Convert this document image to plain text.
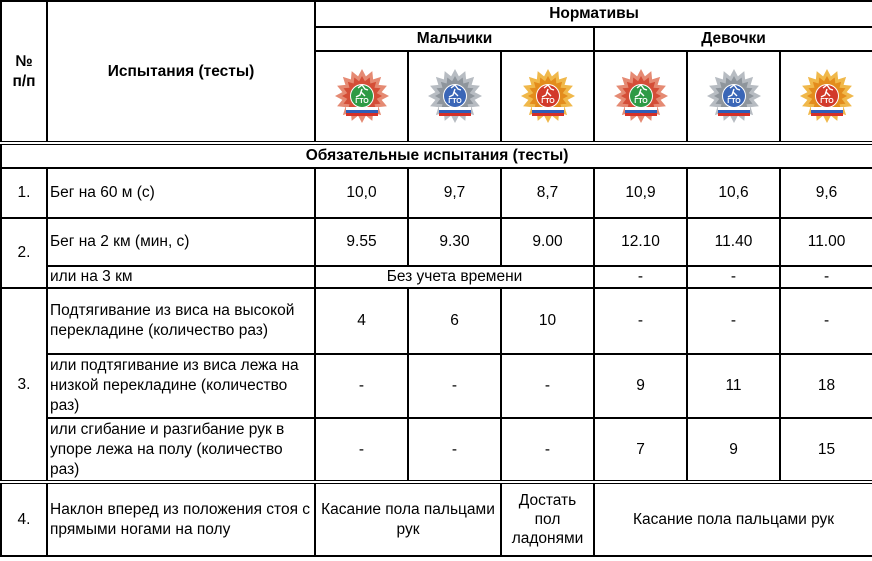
№
п/п	Испытания (тесты)	Нормативы					
		Мальчики			Девочки		

ГТО	ГТО	ГТО	ГТО	ГТО	ГТО

Обязательные испытания (тесты)							
1.	Бег на 60 м (с)	10,0	9,7	8,7	10,9	10,6	9,6
2.	Бег на 2 км (мин, с)	9.55	9.30	9.00	12.10	11.40	11.00
	или на 3 км	Без учета времени			-	-	-
3.	Подтягивание из виса на высокой перекладине (количество раз)	4	6	10	-	-	-
	или подтягивание из виса лежа на низкой перекладине (количество раз)	-	-	-	9	11	18
	или сгибание и разгибание рук в упоре лежа на полу (количество раз)	-	-	-	7	9	15
4.	Наклон вперед из положения стоя с прямыми ногами на полу	Касание пола пальцами рук		Достать пол ладонями	Касание пола пальцами рук		
